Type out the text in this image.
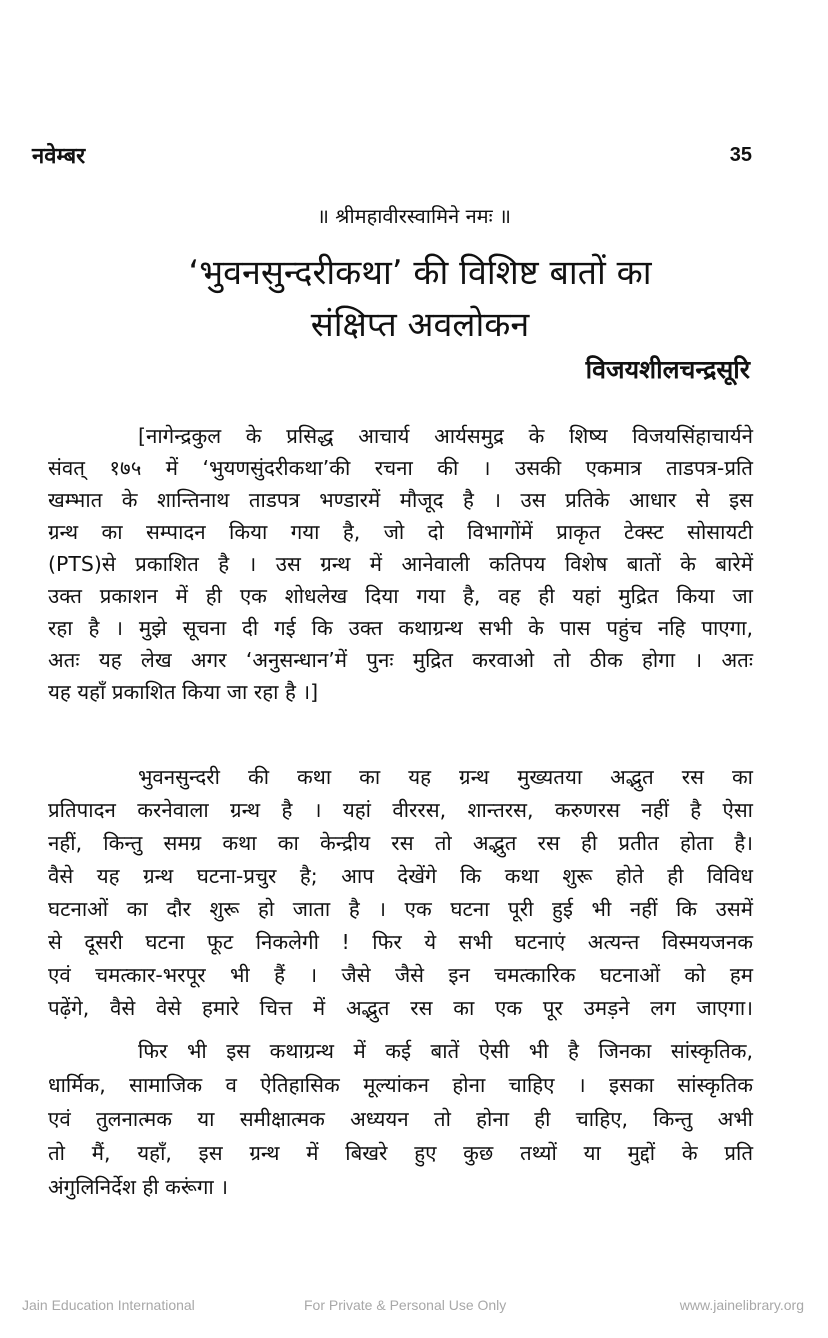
नवेम्बर	35
॥ श्रीमहावीरस्वामिने नमः ॥
‘भुवनसुन्दरीकथा’ की विशिष्ट बातों का
संक्षिप्त अवलोकन
विजयशीलचन्द्रसूरि
[नागेन्द्रकुल के प्रसिद्ध आचार्य आर्यसमुद्र के शिष्य विजयसिंहाचार्यने
संवत् १७५ में ‘भुयणसुंदरीकथा’की रचना की । उसकी एकमात्र ताडपत्र-प्रति
खम्भात के शान्तिनाथ ताडपत्र भण्डारमें मौजूद है । उस प्रतिके आधार से इस
ग्रन्थ का सम्पादन किया गया है, जो दो विभागोंमें प्राकृत टेक्स्ट सोसायटी
(PTS)से प्रकाशित है । उस ग्रन्थ में आनेवाली कतिपय विशेष बातों के बारेमें
उक्त प्रकाशन में ही एक शोधलेख दिया गया है, वह ही यहां मुद्रित किया जा
रहा है । मुझे सूचना दी गई कि उक्त कथाग्रन्थ सभी के पास पहुंच नहि पाएगा,
अतः यह लेख अगर ‘अनुसन्धान’में पुनः मुद्रित करवाओ तो ठीक होगा । अतः
यह यहाँ प्रकाशित किया जा रहा है ।]
भुवनसुन्दरी की कथा का यह ग्रन्थ मुख्यतया अद्भुत रस का
प्रतिपादन करनेवाला ग्रन्थ है । यहां वीररस, शान्तरस, करुणरस नहीं है ऐसा
नहीं, किन्तु समग्र कथा का केन्द्रीय रस तो अद्भुत रस ही प्रतीत होता है।
वैसे यह ग्रन्थ घटना-प्रचुर है; आप देखेंगे कि कथा शुरू होते ही विविध
घटनाओं का दौर शुरू हो जाता है । एक घटना पूरी हुई भी नहीं कि उसमें
से दूसरी घटना फूट निकलेगी ! फिर ये सभी घटनाएं अत्यन्त विस्मयजनक
एवं चमत्कार-भरपूर भी हैं । जैसे जैसे इन चमत्कारिक घटनाओं को हम
पढ़ेंगे, वैसे वेसे हमारे चित्त में अद्भुत रस का एक पूर उमड़ने लग जाएगा।
फिर भी इस कथाग्रन्थ में कई बातें ऐसी भी है जिनका सांस्कृतिक,
धार्मिक, सामाजिक व ऐतिहासिक मूल्यांकन होना चाहिए । इसका सांस्कृतिक
एवं तुलनात्मक या समीक्षात्मक अध्ययन तो होना ही चाहिए, किन्तु अभी
तो मैं, यहाँ, इस ग्रन्थ में बिखरे हुए कुछ तथ्यों या मुद्दों के प्रति
अंगुलिनिर्देश ही करूंगा ।
Jain Education International	For Private & Personal Use Only	www.jainelibrary.org
